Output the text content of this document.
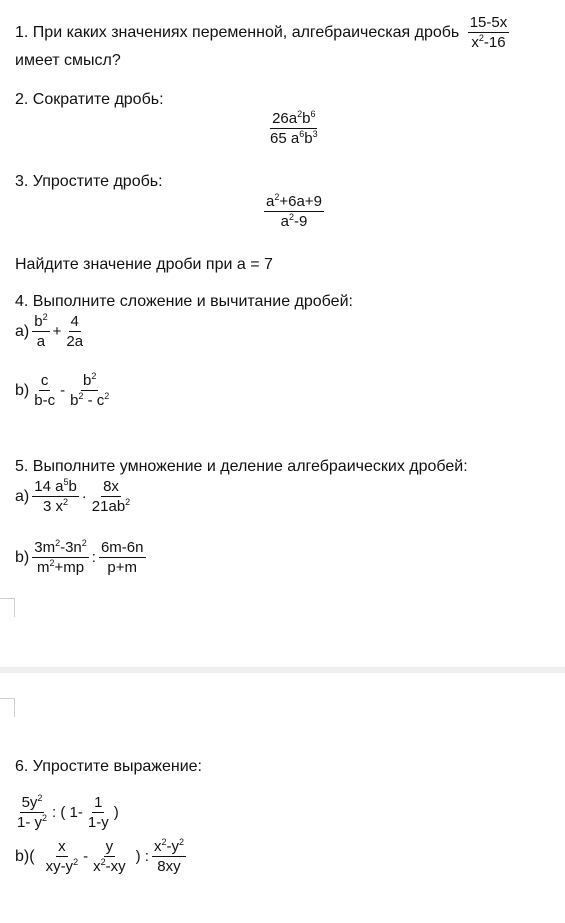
1. При каких значениях переменной, алгебраическая дробь $\frac{15-5x}{x^2-16}$
имеет смысл?
2. Сократите дробь:
$\frac{26a^2b^6}{65 a^6b^3}$
3. Упростите дробь:
$\frac{a^2+6a+9}{a^2-9}$
Найдите значение дроби при a = 7
4. Выполните сложение и вычитание дробей:
$a) \frac{b^2}{a} + \frac{4}{2a}$
$b) \frac{c}{b-c} - \frac{b^2}{b^2 - c^2}$
5. Выполните умножение и деление алгебраических дробей:
$a) \frac{14 a^5b}{3 x^2} \cdot \frac{8x}{21ab^2}$
$b) \frac{3m^2-3n^2}{m^2+mp}$ : $\frac{6m-6n}{p+m}$
6. Упростите выражение:
$\frac{5y^2}{1- y^2}$ : ( $1- \frac{1}{1-y}$ )
$b)( \frac{x}{xy-y^2} - \frac{y}{x^2-xy}$ ) : $\frac{x^2-y^2}{8xy}$
